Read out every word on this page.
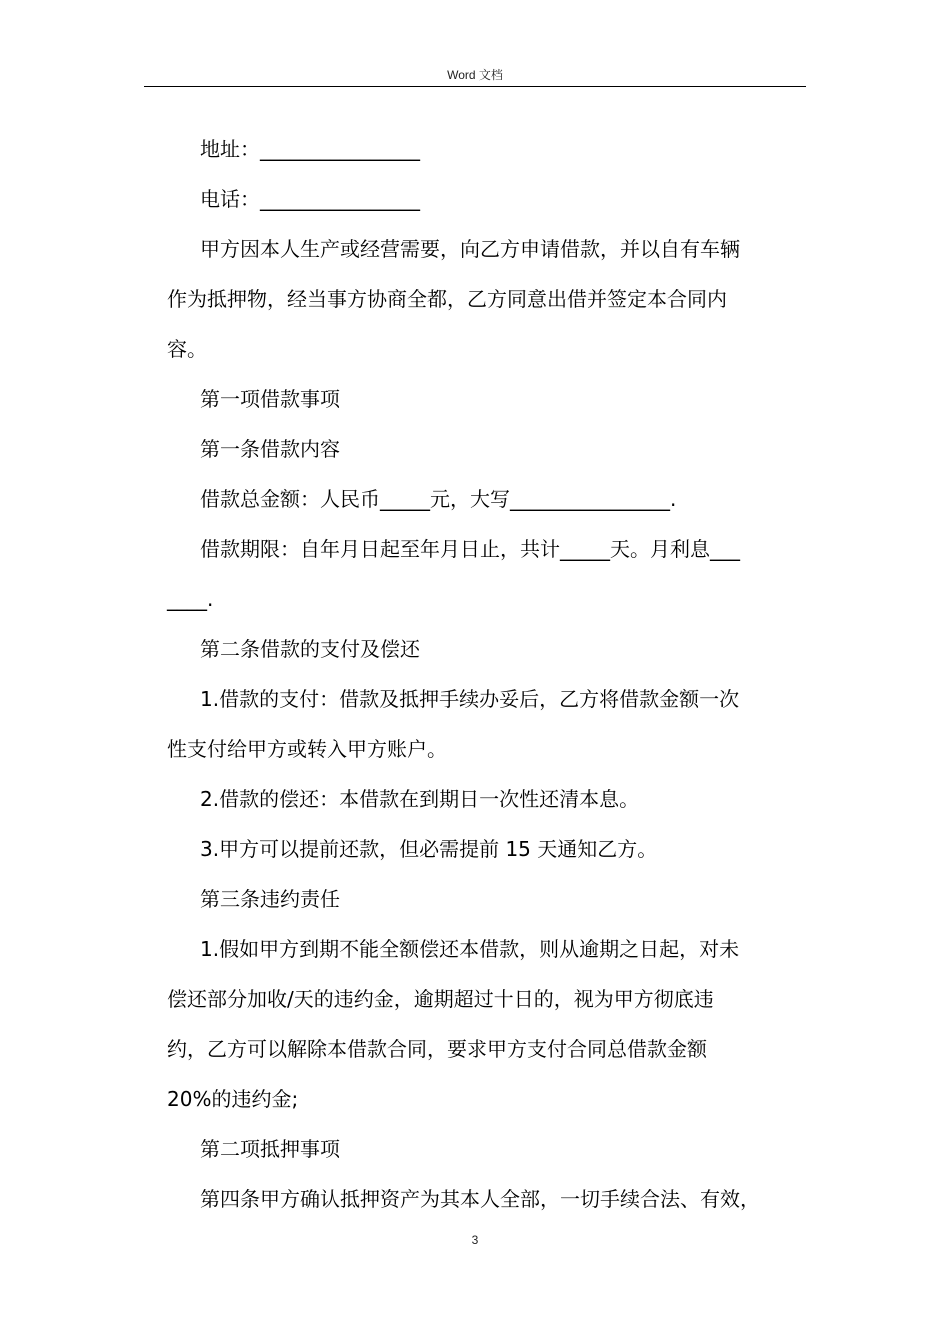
Word 文档
地址：________________
电话：________________
甲方因本人生产或经营需要，向乙方申请借款，并以自有车辆
作为抵押物，经当事方协商全都，乙方同意出借并签定本合同内
容。
第一项借款事项
第一条借款内容
借款总金额：人民币_____元，大写________________.
借款期限：自年月日起至年月日止，共计_____天。月利息___
____.
第二条借款的支付及偿还
1.借款的支付：借款及抵押手续办妥后，乙方将借款金额一次
性支付给甲方或转入甲方账户。
2.借款的偿还：本借款在到期日一次性还清本息。
3.甲方可以提前还款，但必需提前 15 天通知乙方。
第三条违约责任
1.假如甲方到期不能全额偿还本借款，则从逾期之日起，对未
偿还部分加收/天的违约金，逾期超过十日的，视为甲方彻底违
约，乙方可以解除本借款合同，要求甲方支付合同总借款金额
20%的违约金;
第二项抵押事项
第四条甲方确认抵押资产为其本人全部，一切手续合法、有效，
3
